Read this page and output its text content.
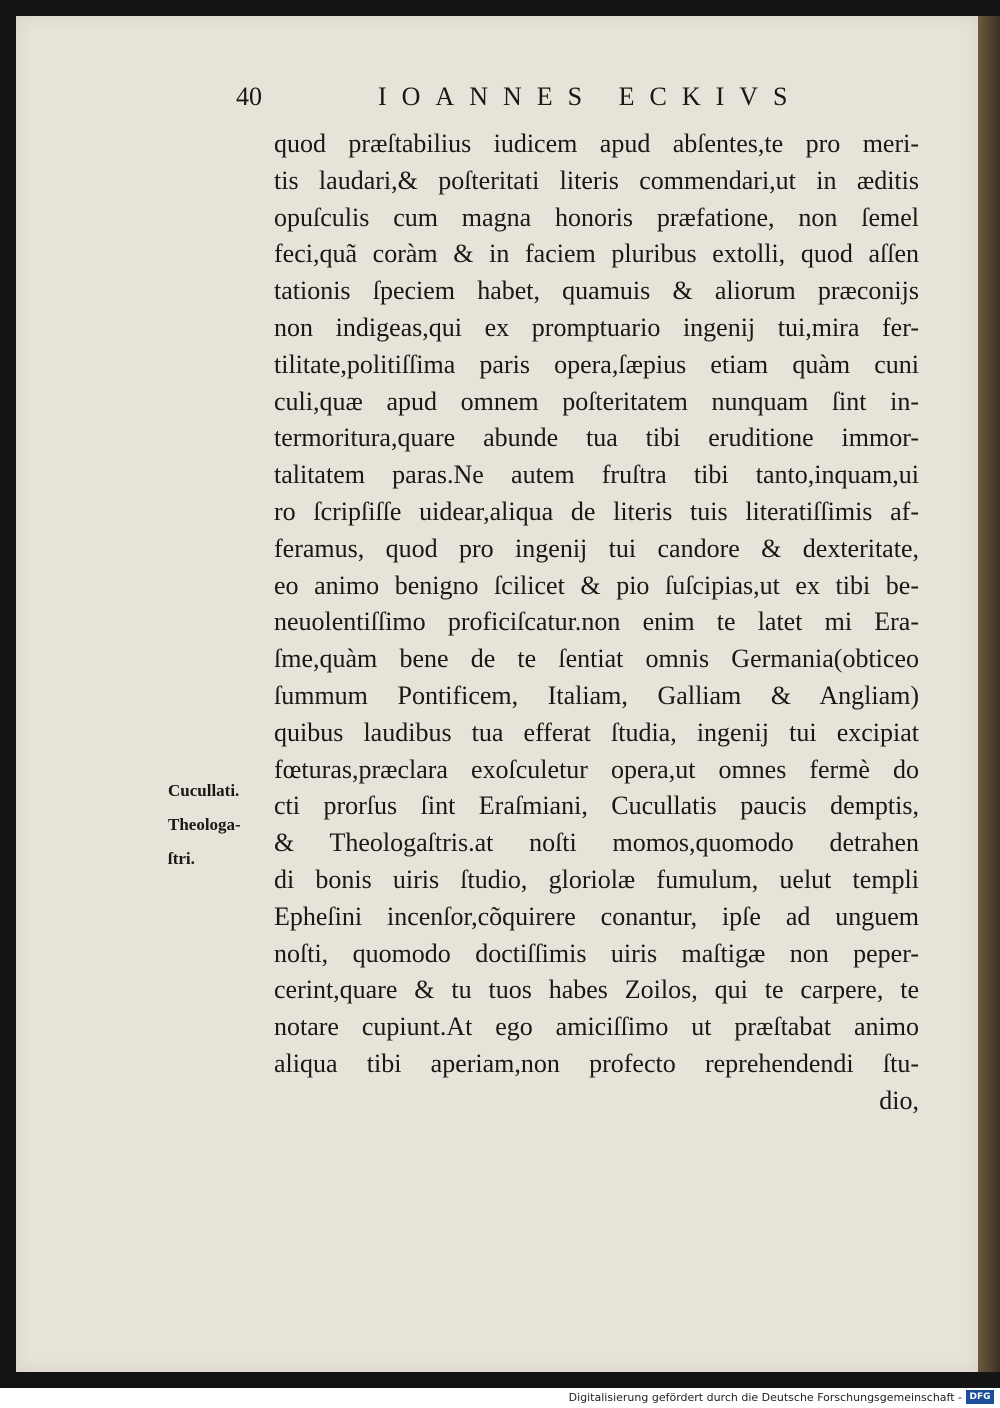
40	IOANNES ECKIVS
quod præſtabilius iudicem apud abſentes,te pro meri-
tis laudari,& poſteritati literis commendari,ut in æditis
opuſculis cum magna honoris præfatione, non ſemel
feci,quã coràm & in faciem pluribus extolli, quod aſſen
tationis ſpeciem habet, quamuis & aliorum præconijs
non indigeas,qui ex promptuario ingenij tui,mira fer-
tilitate,politiſſima paris opera,ſæpius etiam quàm cuni
culi,quæ apud omnem poſteritatem nunquam ſint in-
termoritura,quare abunde tua tibi eruditione immor-
talitatem paras.Ne autem fruſtra tibi tanto,inquam,ui
ro ſcripſiſſe uidear,aliqua de literis tuis literatiſſimis af-
feramus, quod pro ingenij tui candore & dexteritate,
eo animo benigno ſcilicet & pio ſuſcipias,ut ex tibi be-
neuolentiſſimo proficiſcatur.non enim te latet mi Era-
ſme,quàm bene de te ſentiat omnis Germania(obticeo
ſummum Pontificem, Italiam, Galliam & Angliam)
quibus laudibus tua efferat ſtudia, ingenij tui excipiat
fœturas,præclara exoſculetur opera,ut omnes fermè do
cti prorſus ſint Eraſmiani, Cucullatis paucis demptis,
& Theologaſtris.at noſti momos,quomodo detrahen
di bonis uiris ſtudio, gloriolæ fumulum, uelut templi
Epheſini incenſor,cõquirere conantur, ipſe ad unguem
noſti, quomodo doctiſſimis uiris maſtigæ non peper-
cerint,quare & tu tuos habes Zoilos, qui te carpere, te
notare cupiunt.At ego amiciſſimo ut præſtabat animo
aliqua tibi aperiam,non profecto reprehendendi ſtu-
dio,
Cucullati.
Theologa-
ſtri.
Digitalisierung gefördert durch die Deutsche Forschungsgemeinschaft - DFG
